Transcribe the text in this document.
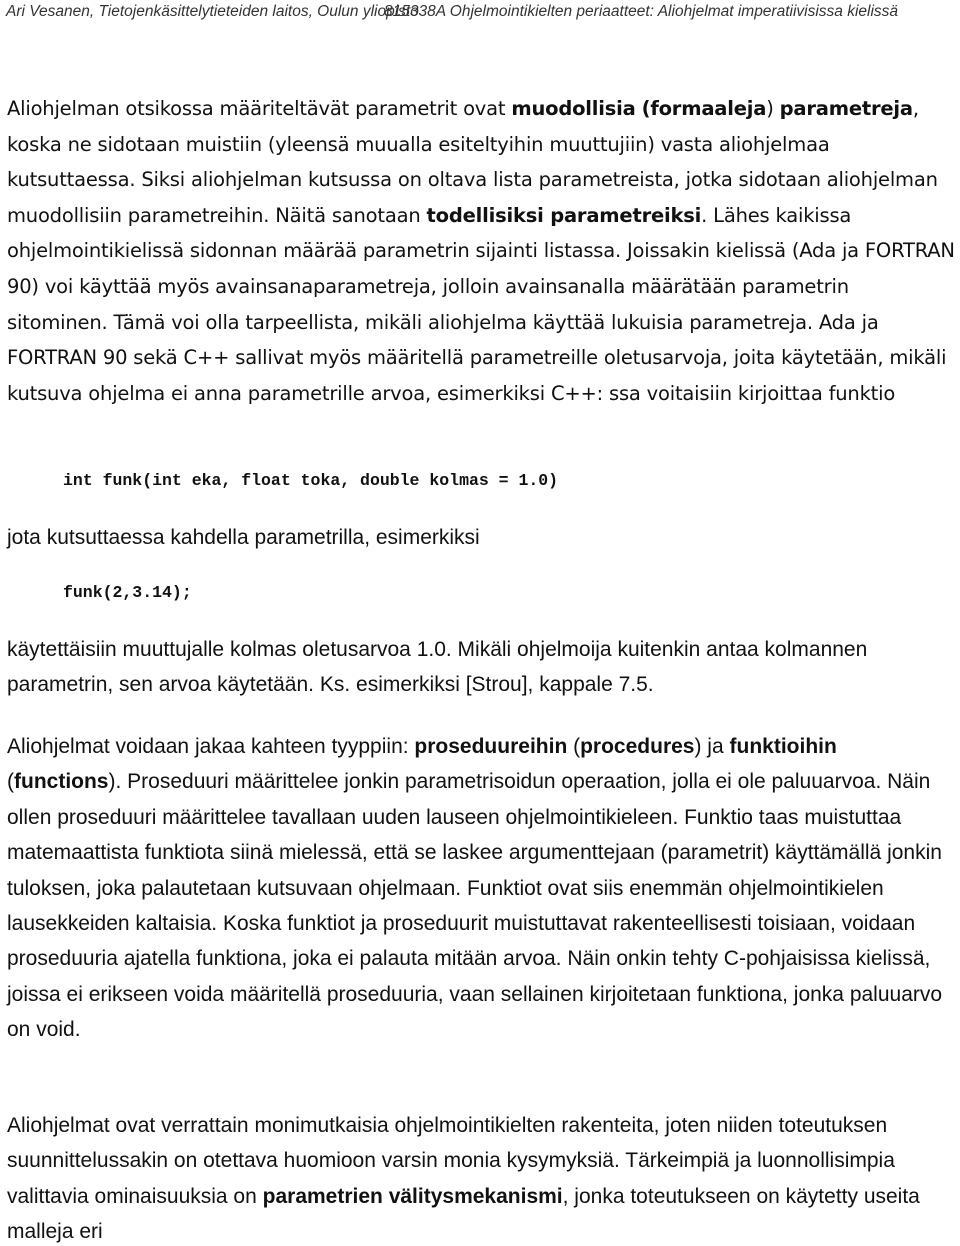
Ari Vesanen, Tietojenkäsittelytieteiden laitos, Oulun yliopisto
815338A Ohjelmointikielten periaatteet: Aliohjelmat imperatiivisissa kielissä

Aliohjelman otsikossa määriteltävät parametrit ovat muodollisia (formaaleja) parametreja, koska ne sidotaan muistiin (yleensä muualla esiteltyihin muuttujiin) vasta aliohjelmaa kutsuttaessa. Siksi aliohjelman kutsussa on oltava lista parametreista, jotka sidotaan aliohjelman muodollisiin parametreihin. Näitä sanotaan todellisiksi parametreiksi. Lähes kaikissa ohjelmointikielissä sidonnan määrää parametrin sijainti listassa. Joissakin kielissä (Ada ja FORTRAN 90) voi käyttää myös avainsanaparametreja, jolloin avainsanalla määrätään parametrin sitominen. Tämä voi olla tarpeellista, mikäli aliohjelma käyttää lukuisia parametreja. Ada ja FORTRAN 90 sekä C++ sallivat myös määritellä parametreille oletusarvoja, joita käytetään, mikäli kutsuva ohjelma ei anna parametrille arvoa, esimerkiksi C++: ssa voitaisiin kirjoittaa funktio

int funk(int eka, float toka, double kolmas = 1.0)

jota kutsuttaessa kahdella parametrilla, esimerkiksi

funk(2,3.14);

käytettäisiin muuttujalle kolmas oletusarvoa 1.0. Mikäli ohjelmoija kuitenkin antaa kolmannen parametrin, sen arvoa käytetään. Ks. esimerkiksi [Strou], kappale 7.5.

Aliohjelmat voidaan jakaa kahteen tyyppiin: proseduureihin (procedures) ja funktioihin (functions). Proseduuri määrittelee jonkin parametrisoidun operaation, jolla ei ole paluuarvoa. Näin ollen proseduuri määrittelee tavallaan uuden lauseen ohjelmointikieleen. Funktio taas muistuttaa matemaattista funktiota siinä mielessä, että se laskee argumenttejaan (parametrit) käyttämällä jonkin tuloksen, joka palautetaan kutsuvaan ohjelmaan. Funktiot ovat siis enemmän ohjelmointikielen lausekkeiden kaltaisia. Koska funktiot ja proseduurit muistuttavat rakenteellisesti toisiaan, voidaan proseduuria ajatella funktiona, joka ei palauta mitään arvoa. Näin onkin tehty C-pohjaisissa kielissä, joissa ei erikseen voida määritellä proseduuria, vaan sellainen kirjoitetaan funktiona, jonka paluuarvo on void.

Aliohjelmat ovat verrattain monimutkaisia ohjelmointikielten rakenteita, joten niiden toteutuksen suunnittelussakin on otettava huomioon varsin monia kysymyksiä. Tärkeimpiä ja luonnollisimpia valittavia ominaisuuksia on parametrien välitysmekanismi, jonka toteutukseen on käytetty useita malleja eri
